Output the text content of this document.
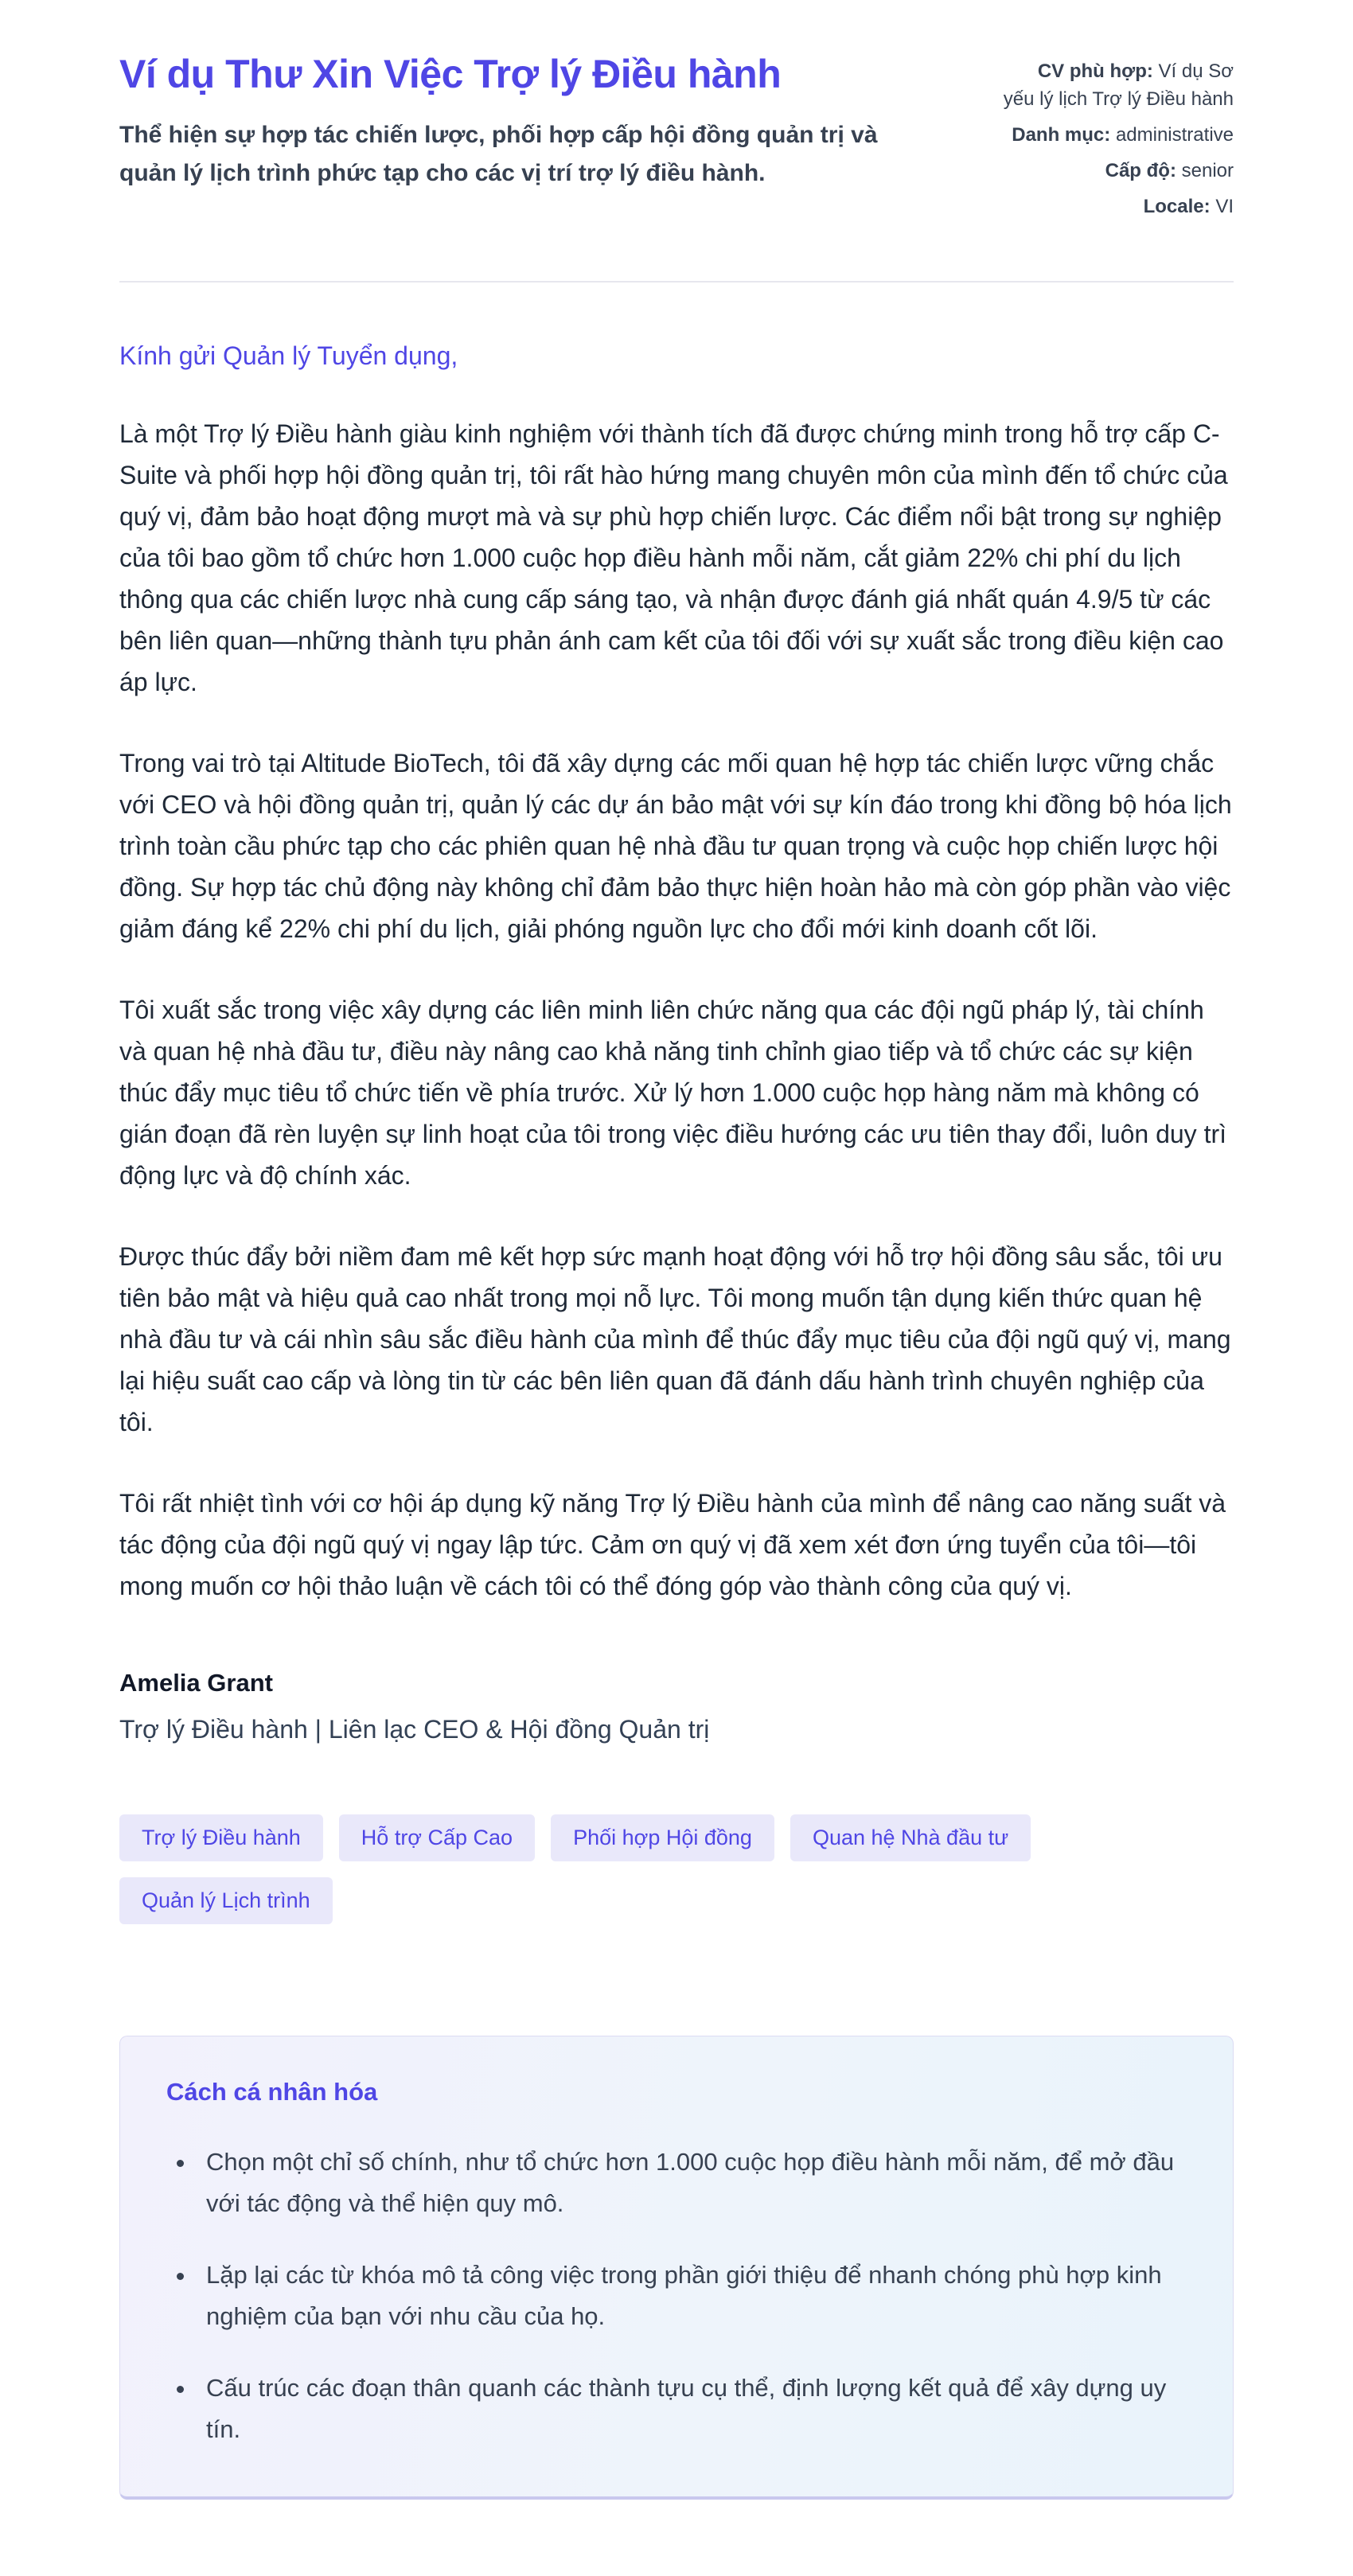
Ví dụ Thư Xin Việc Trợ lý Điều hành

Thể hiện sự hợp tác chiến lược, phối hợp cấp hội đồng quản trị và quản lý lịch trình phức tạp cho các vị trí trợ lý điều hành.

CV phù hợp: Ví dụ Sơ yếu lý lịch Trợ lý Điều hành
Danh mục: administrative
Cấp độ: senior
Locale: VI

Kính gửi Quản lý Tuyển dụng,

Là một Trợ lý Điều hành giàu kinh nghiệm với thành tích đã được chứng minh trong hỗ trợ cấp C-Suite và phối hợp hội đồng quản trị, tôi rất hào hứng mang chuyên môn của mình đến tổ chức của quý vị, đảm bảo hoạt động mượt mà và sự phù hợp chiến lược. Các điểm nổi bật trong sự nghiệp của tôi bao gồm tổ chức hơn 1.000 cuộc họp điều hành mỗi năm, cắt giảm 22% chi phí du lịch thông qua các chiến lược nhà cung cấp sáng tạo, và nhận được đánh giá nhất quán 4.9/5 từ các bên liên quan—những thành tựu phản ánh cam kết của tôi đối với sự xuất sắc trong điều kiện cao áp lực.

Trong vai trò tại Altitude BioTech, tôi đã xây dựng các mối quan hệ hợp tác chiến lược vững chắc với CEO và hội đồng quản trị, quản lý các dự án bảo mật với sự kín đáo trong khi đồng bộ hóa lịch trình toàn cầu phức tạp cho các phiên quan hệ nhà đầu tư quan trọng và cuộc họp chiến lược hội đồng. Sự hợp tác chủ động này không chỉ đảm bảo thực hiện hoàn hảo mà còn góp phần vào việc giảm đáng kể 22% chi phí du lịch, giải phóng nguồn lực cho đổi mới kinh doanh cốt lõi.

Tôi xuất sắc trong việc xây dựng các liên minh liên chức năng qua các đội ngũ pháp lý, tài chính và quan hệ nhà đầu tư, điều này nâng cao khả năng tinh chỉnh giao tiếp và tổ chức các sự kiện thúc đẩy mục tiêu tổ chức tiến về phía trước. Xử lý hơn 1.000 cuộc họp hàng năm mà không có gián đoạn đã rèn luyện sự linh hoạt của tôi trong việc điều hướng các ưu tiên thay đổi, luôn duy trì động lực và độ chính xác.

Được thúc đẩy bởi niềm đam mê kết hợp sức mạnh hoạt động với hỗ trợ hội đồng sâu sắc, tôi ưu tiên bảo mật và hiệu quả cao nhất trong mọi nỗ lực. Tôi mong muốn tận dụng kiến thức quan hệ nhà đầu tư và cái nhìn sâu sắc điều hành của mình để thúc đẩy mục tiêu của đội ngũ quý vị, mang lại hiệu suất cao cấp và lòng tin từ các bên liên quan đã đánh dấu hành trình chuyên nghiệp của tôi.

Tôi rất nhiệt tình với cơ hội áp dụng kỹ năng Trợ lý Điều hành của mình để nâng cao năng suất và tác động của đội ngũ quý vị ngay lập tức. Cảm ơn quý vị đã xem xét đơn ứng tuyển của tôi—tôi mong muốn cơ hội thảo luận về cách tôi có thể đóng góp vào thành công của quý vị.

Amelia Grant

Trợ lý Điều hành | Liên lạc CEO & Hội đồng Quản trị

Trợ lý Điều hành	Hỗ trợ Cấp Cao	Phối hợp Hội đồng	Quan hệ Nhà đầu tư
Quản lý Lịch trình

Cách cá nhân hóa

• Chọn một chỉ số chính, như tổ chức hơn 1.000 cuộc họp điều hành mỗi năm, để mở đầu với tác động và thể hiện quy mô.
• Lặp lại các từ khóa mô tả công việc trong phần giới thiệu để nhanh chóng phù hợp kinh nghiệm của bạn với nhu cầu của họ.
• Cấu trúc các đoạn thân quanh các thành tựu cụ thể, định lượng kết quả để xây dựng uy tín.
